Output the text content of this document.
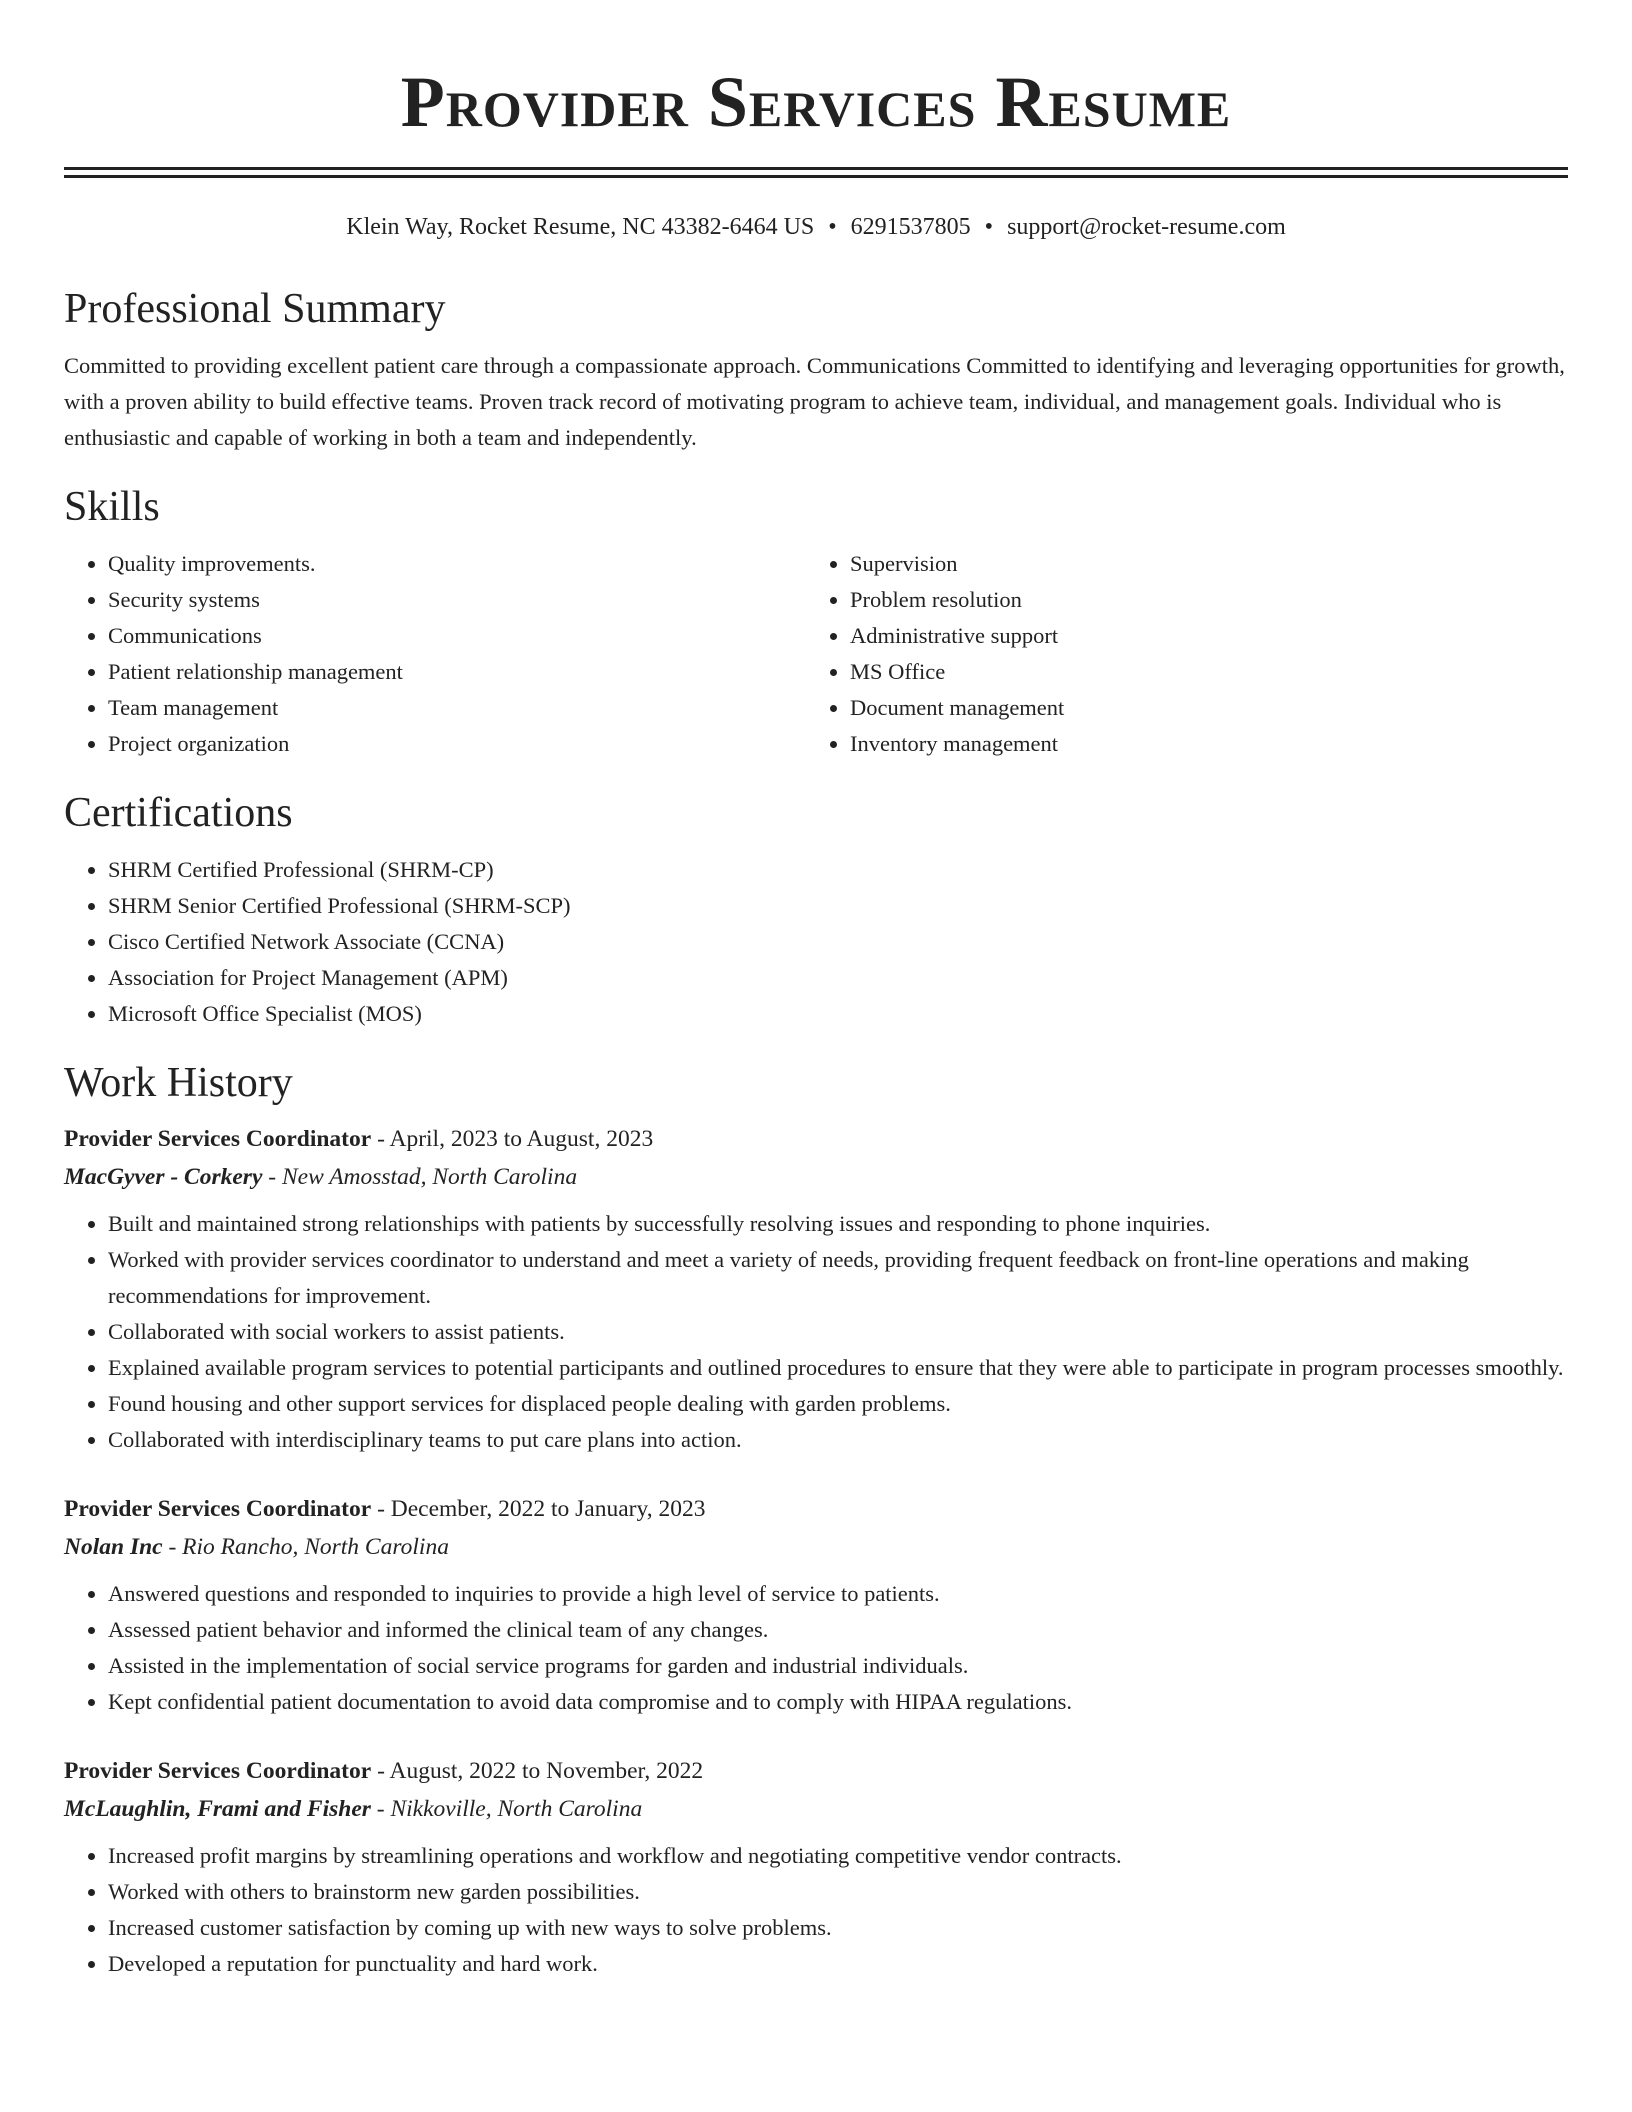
Provider Services Resume
Klein Way, Rocket Resume, NC 43382-6464 US • 6291537805 • support@rocket-resume.com
Professional Summary

Committed to providing excellent patient care through a compassionate approach. Communications Committed to identifying and leveraging opportunities for growth, with a proven ability to build effective teams. Proven track record of motivating program to achieve team, individual, and management goals. Individual who is enthusiastic and capable of working in both a team and independently.

Skills
• Quality improvements.
• Security systems
• Communications
• Patient relationship management
• Team management
• Project organization
• Supervision
• Problem resolution
• Administrative support
• MS Office
• Document management
• Inventory management
Certifications
• SHRM Certified Professional (SHRM-CP)
• SHRM Senior Certified Professional (SHRM-SCP)
• Cisco Certified Network Associate (CCNA)
• Association for Project Management (APM)
• Microsoft Office Specialist (MOS)
Work History
Provider Services Coordinator - April, 2023 to August, 2023
MacGyver - Corkery - New Amosstad, North Carolina
• Built and maintained strong relationships with patients by successfully resolving issues and responding to phone inquiries.
• Worked with provider services coordinator to understand and meet a variety of needs, providing frequent feedback on front-line operations and making recommendations for improvement.
• Collaborated with social workers to assist patients.
• Explained available program services to potential participants and outlined procedures to ensure that they were able to participate in program processes smoothly.
• Found housing and other support services for displaced people dealing with garden problems.
• Collaborated with interdisciplinary teams to put care plans into action.
Provider Services Coordinator - December, 2022 to January, 2023
Nolan Inc - Rio Rancho, North Carolina
• Answered questions and responded to inquiries to provide a high level of service to patients.
• Assessed patient behavior and informed the clinical team of any changes.
• Assisted in the implementation of social service programs for garden and industrial individuals.
• Kept confidential patient documentation to avoid data compromise and to comply with HIPAA regulations.
Provider Services Coordinator - August, 2022 to November, 2022
McLaughlin, Frami and Fisher - Nikkoville, North Carolina
• Increased profit margins by streamlining operations and workflow and negotiating competitive vendor contracts.
• Worked with others to brainstorm new garden possibilities.
• Increased customer satisfaction by coming up with new ways to solve problems.
• Developed a reputation for punctuality and hard work.
